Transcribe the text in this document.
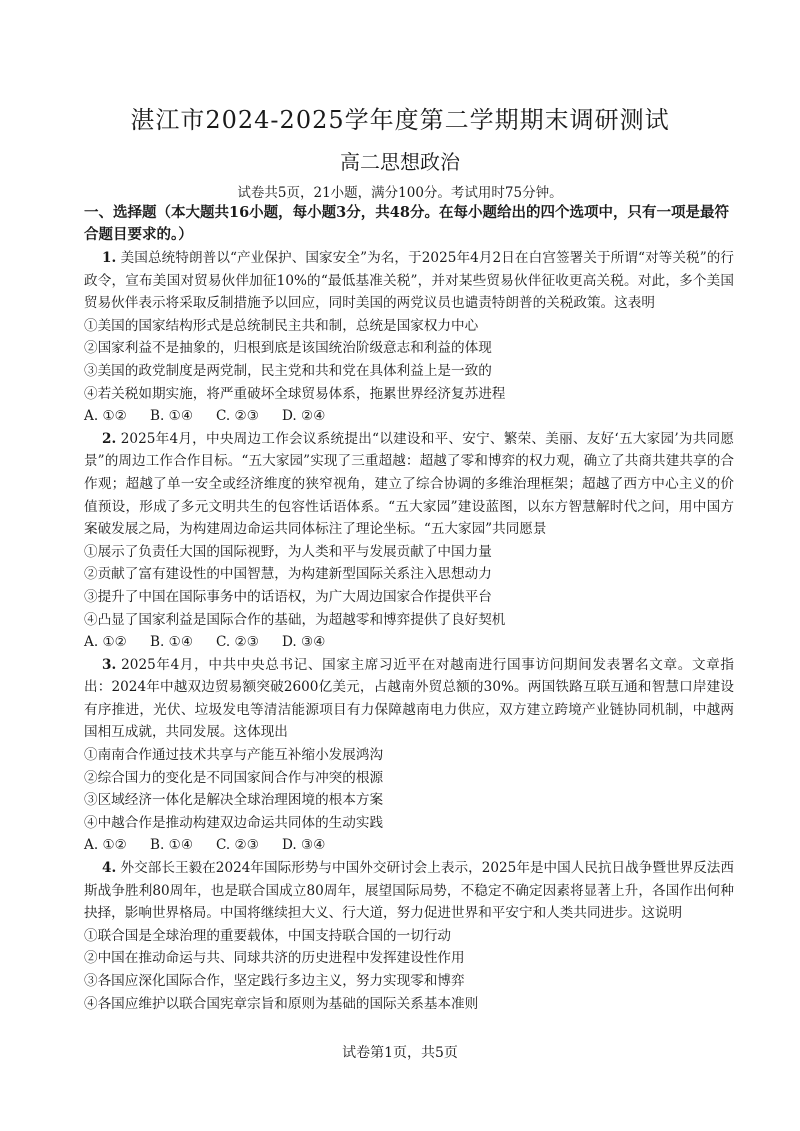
湛江市2024-2025学年度第二学期期末调研测试
高二思想政治
试卷共5页，21小题，满分100分。考试用时75分钟。
一、选择题（本大题共16小题，每小题3分，共48分。在每小题给出的四个选项中，只有一项是最符合题目要求的。）

1. 美国总统特朗普以“产业保护、国家安全”为名，于2025年4月2日在白宫签署关于所谓“对等关税”的行政令，宣布美国对贸易伙伴加征10%的“最低基准关税”，并对某些贸易伙伴征收更高关税。对此，多个美国贸易伙伴表示将采取反制措施予以回应，同时美国的两党议员也谴责特朗普的关税政策。这表明

①美国的国家结构形式是总统制民主共和制，总统是国家权力中心

②国家利益不是抽象的，归根到底是该国统治阶级意志和利益的体现

③美国的政党制度是两党制，民主党和共和党在具体利益上是一致的

④若关税如期实施，将严重破坏全球贸易体系，拖累世界经济复苏进程

A. ①②	B. ①④	C. ②③	D. ②④

2. 2025年4月，中央周边工作会议系统提出“以建设和平、安宁、繁荣、美丽、友好‘五大家园’为共同愿景”的周边工作合作目标。“五大家园”实现了三重超越：超越了零和博弈的权力观，确立了共商共建共享的合作观；超越了单一安全或经济维度的狭窄视角，建立了综合协调的多维治理框架；超越了西方中心主义的价值预设，形成了多元文明共生的包容性话语体系。“五大家园”建设蓝图，以东方智慧解时代之问，用中国方案破发展之局，为构建周边命运共同体标注了理论坐标。“五大家园”共同愿景

①展示了负责任大国的国际视野，为人类和平与发展贡献了中国力量

②贡献了富有建设性的中国智慧，为构建新型国际关系注入思想动力

③提升了中国在国际事务中的话语权，为广大周边国家合作提供平台

④凸显了国家利益是国际合作的基础，为超越零和博弈提供了良好契机

A. ①②	B. ①④	C. ②③	D. ③④

3. 2025年4月，中共中央总书记、国家主席习近平在对越南进行国事访问期间发表署名文章。文章指出：2024年中越双边贸易额突破2600亿美元，占越南外贸总额的30%。两国铁路互联互通和智慧口岸建设有序推进，光伏、垃圾发电等清洁能源项目有力保障越南电力供应，双方建立跨境产业链协同机制，中越两国相互成就，共同发展。这体现出

①南南合作通过技术共享与产能互补缩小发展鸿沟

②综合国力的变化是不同国家间合作与冲突的根源

③区域经济一体化是解决全球治理困境的根本方案

④中越合作是推动构建双边命运共同体的生动实践

A. ①②	B. ①④	C. ②③	D. ③④

4. 外交部长王毅在2024年国际形势与中国外交研讨会上表示，2025年是中国人民抗日战争暨世界反法西斯战争胜利80周年，也是联合国成立80周年，展望国际局势，不稳定不确定因素将显著上升，各国作出何种抉择，影响世界格局。中国将继续担大义、行大道，努力促进世界和平安宁和人类共同进步。这说明

①联合国是全球治理的重要载体，中国支持联合国的一切行动

②中国在推动命运与共、同球共济的历史进程中发挥建设性作用

③各国应深化国际合作，坚定践行多边主义，努力实现零和博弈

④各国应维护以联合国宪章宗旨和原则为基础的国际关系基本准则

试卷第1页，共5页
